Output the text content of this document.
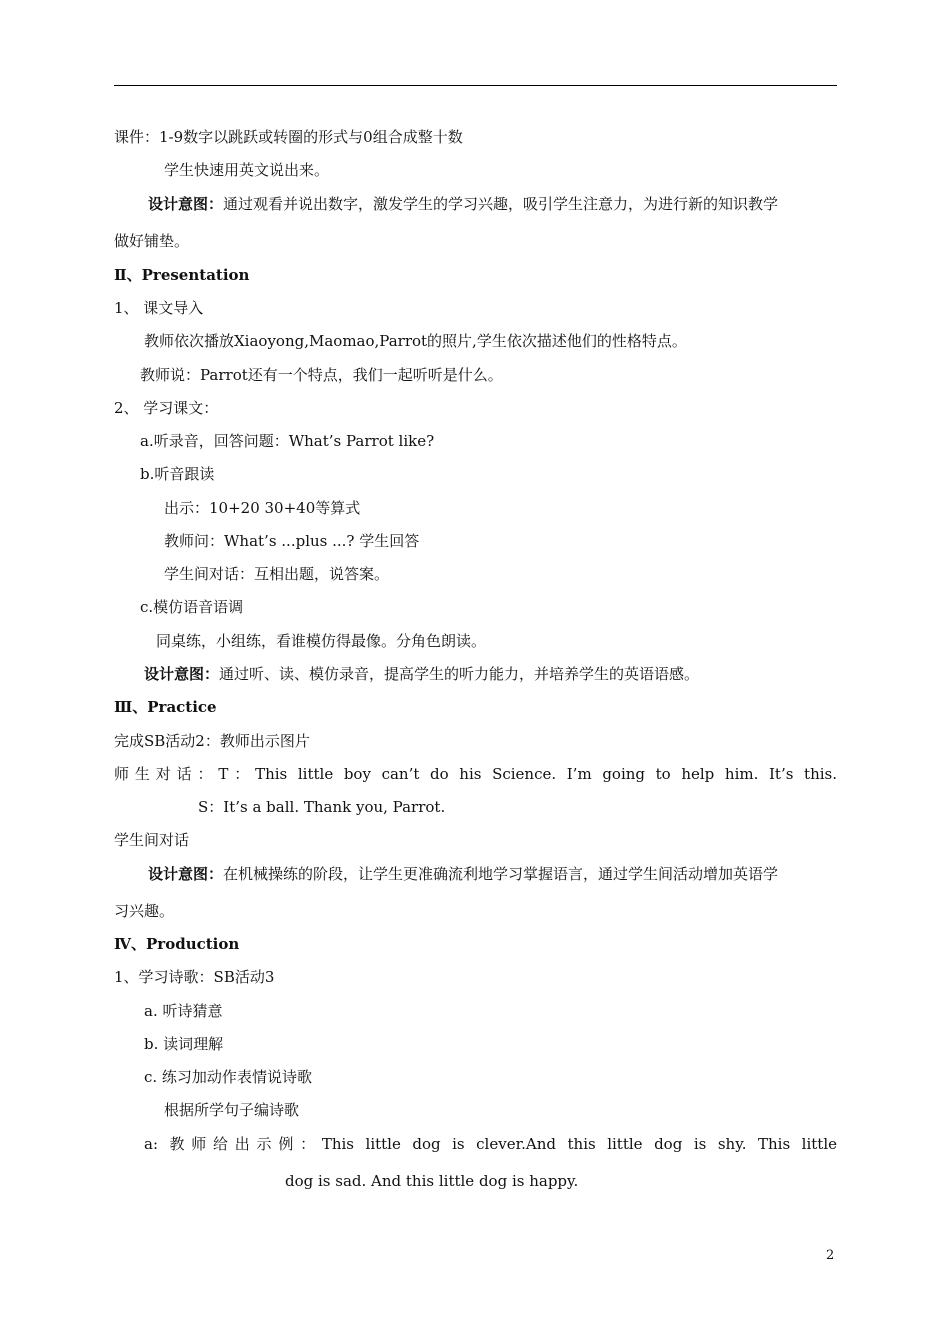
课件：1-9数字以跳跃或转圈的形式与0组合成整十数
学生快速用英文说出来。
设计意图：通过观看并说出数字，激发学生的学习兴趣，吸引学生注意力，为进行新的知识教学
做好铺垫。
Ⅱ、Presentation
1、 课文导入
教师依次播放Xiaoyong,Maomao,Parrot的照片,学生依次描述他们的性格特点。
教师说：Parrot还有一个特点，我们一起听听是什么。
2、 学习课文：
a.听录音，回答问题：What’s Parrot like?
b.听音跟读
出示：10+20 30+40等算式
教师问：What’s ...plus ...? 学生回答
学生间对话：互相出题，说答案。
c.模仿语音语调
同桌练，小组练，看谁模仿得最像。分角色朗读。
设计意图：通过听、读、模仿录音，提高学生的听力能力，并培养学生的英语语感。
Ⅲ、Practice
完成SB活动2：教师出示图片
师生对话：T：This little boy can’t do his Science. I’m going to help him. It’s this.
S：It’s a ball. Thank you, Parrot.
学生间对话
设计意图：在机械操练的阶段，让学生更准确流利地学习掌握语言，通过学生间活动增加英语学
习兴趣。
Ⅳ、Production
1、学习诗歌：SB活动3
a. 听诗猜意
b. 读词理解
c. 练习加动作表情说诗歌
根据所学句子编诗歌
a: 教师给出示例：This little dog is clever.And this little dog is shy. This little
dog is sad. And this little dog is happy.
2
